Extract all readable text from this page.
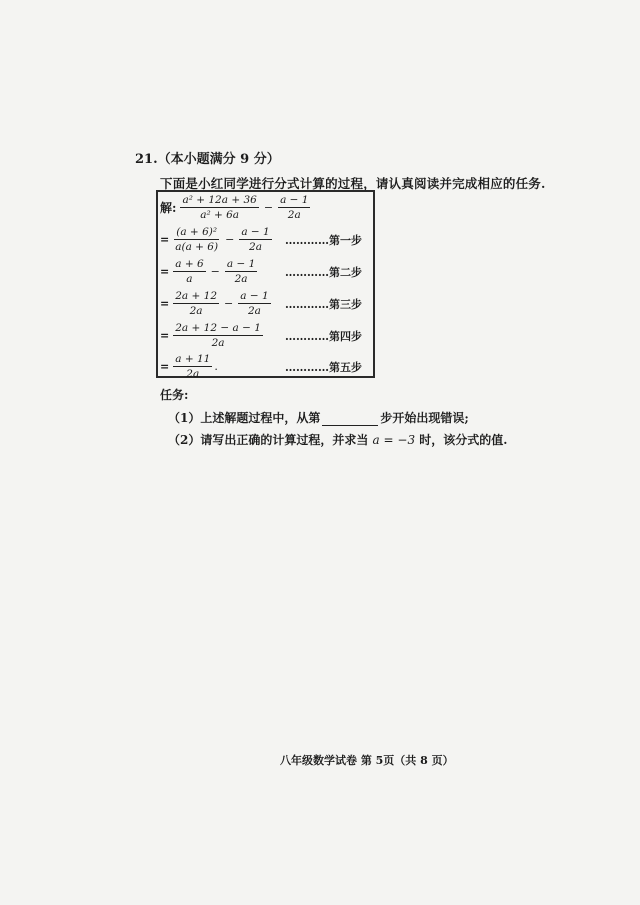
21.（本小题满分 9 分）
下面是小红同学进行分式计算的过程，请认真阅读并完成相应的任务.
解: $\frac{\text{a² + 12a + 36}}{\text{a² + 6a}} - \frac{a - 1}{2a}$
= $\frac{\text{(a + 6)²}}{a(a + 6)} - \frac{a - 1}{2a}$ …………第一步
= $\frac{a + 6}{a} - \frac{a - 1}{2a}$	…………第二步
= $\frac{2a + 12}{2a} - \frac{a - 1}{2a}$ …………第三步
= $\frac{2a + 12 - a - 1}{2a}$ …………第四步
= $\frac{a + 11}{2a}$ .	…………第五步
任务:
（1）上述解题过程中，从第	步开始出现错误;
（2）请写出正确的计算过程，并求当 a = −3 时，该分式的值.
八年级数学试卷 第 5页（共 8 页）
